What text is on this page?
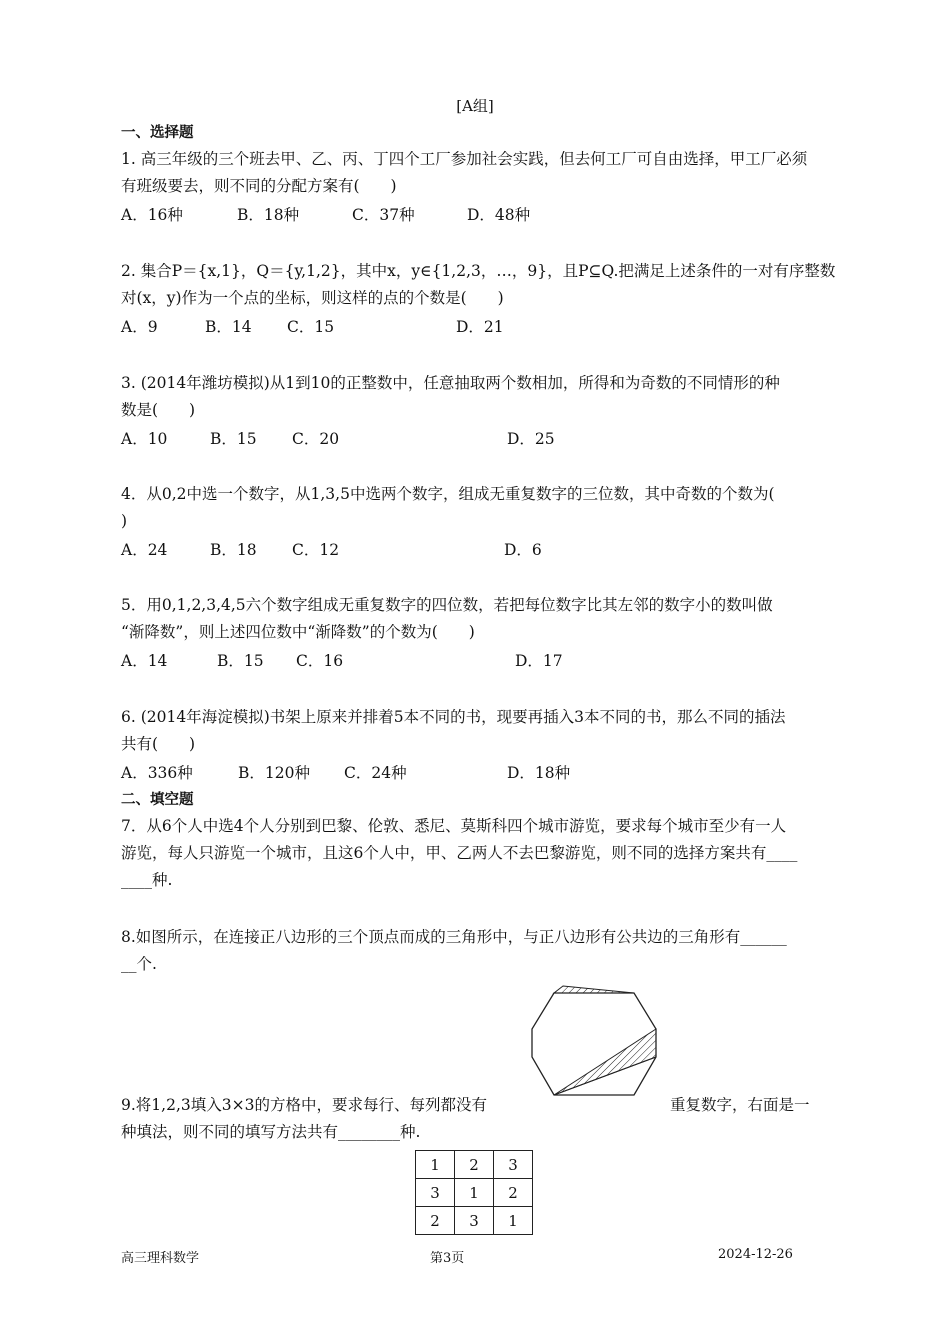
[A组]
一、选择题
1. 高三年级的三个班去甲、乙、丙、丁四个工厂参加社会实践，但去何工厂可自由选择，甲工厂必须
有班级要去，则不同的分配方案有(　　)
A．16种	B．18种	C．37种	D．48种
2. 集合P＝{x,1}，Q＝{y,1,2}，其中x，y∈{1,2,3，…，9}，且P⊆Q.把满足上述条件的一对有序整数
对(x，y)作为一个点的坐标，则这样的点的个数是(　　)
A．9	B．14 C．15	D．21
3. (2014年潍坊模拟)从1到10的正整数中，任意抽取两个数相加，所得和为奇数的不同情形的种
数是(　　)
A．10	B．15 C．20	D．25
4．从0,2中选一个数字，从1,3,5中选两个数字，组成无重复数字的三位数，其中奇数的个数为(
)
A．24	B．18 C．12	D．6
5．用0,1,2,3,4,5六个数字组成无重复数字的四位数，若把每位数字比其左邻的数字小的数叫做
“渐降数”，则上述四位数中“渐降数”的个数为(　　)
A．14	B．15 C．16	D．17
6. (2014年海淀模拟)书架上原来并排着5本不同的书，现要再插入3本不同的书，那么不同的插法
共有(　　)
A．336种	B．120种 C．24种	D．18种
二、填空题
7．从6个人中选4个人分别到巴黎、伦敦、悉尼、莫斯科四个城市游览，要求每个城市至少有一人
游览，每人只游览一个城市，且这6个人中，甲、乙两人不去巴黎游览，则不同的选择方案共有____
____种.
8.如图所示，在连接正八边形的三个顶点而成的三角形中，与正八边形有公共边的三角形有______
__个.
9.将1,2,3填入3×3的方格中，要求每行、每列都没有	重复数字，右面是一
种填法，则不同的填写方法共有________种.
1	2	3
3	1	2
2	3	1
高三理科数学	第3页	2024-12-26
